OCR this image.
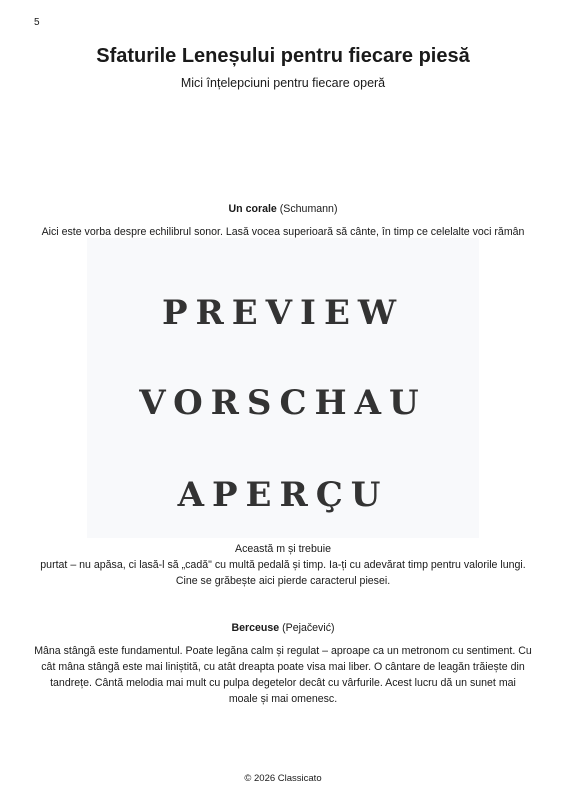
5
Sfaturile Leneșului pentru fiecare piesă
Mici înțelepciuni pentru fiecare operă
Un corale (Schumann)

Aici este vorba despre echilibrul sonor. Lasă vocea superioară să cânte, în timp ce celelalte voci rămân

Această m și trebuie

purtat – nu apăsa, ci lasă-l să „cadă" cu multă pedală și timp. Ia-ți cu adevărat timp pentru valorile lungi.

Cine se grăbește aici pierde caracterul piesei.

Berceuse (Pejačević)

Mâna stângă este fundamentul. Poate legăna calm și regulat – aproape ca un metronom cu sentiment. Cu

cât mâna stângă este mai liniștită, cu atât dreapta poate visa mai liber. O cântare de leagăn trăiește din

tandrețe. Cântă melodia mai mult cu pulpa degetelor decât cu vârfurile. Acest lucru dă un sunet mai

moale și mai omenesc.

PREVIEW
VORSCHAU
APERÇU
© 2026 Classicato
